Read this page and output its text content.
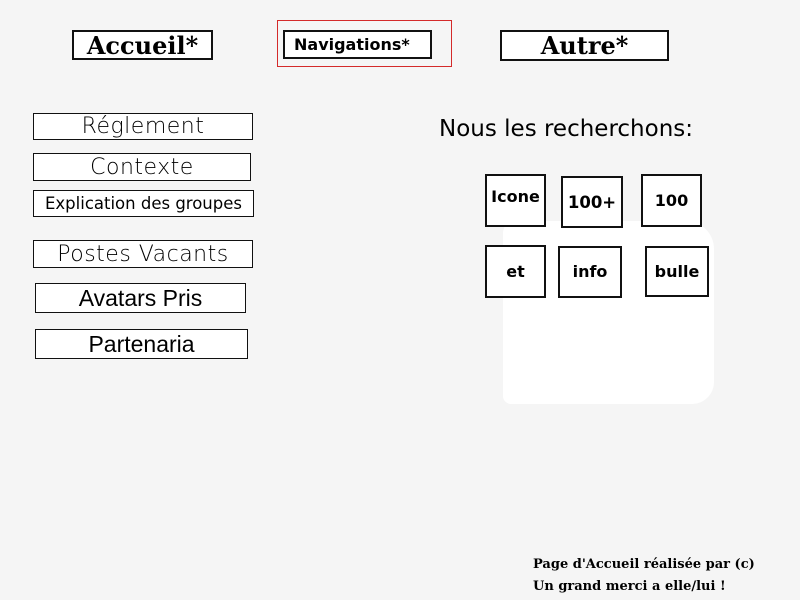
Accueil*	Navigations*	Autre*
Réglement
Contexte
Explication des groupes
Postes Vacants
Avatars Pris
Partenaria
Nous les recherchons:
Icone	100+	100
et	info	bulle
Page d'Accueil réalisée par (c)
Un grand merci a elle/lui !
